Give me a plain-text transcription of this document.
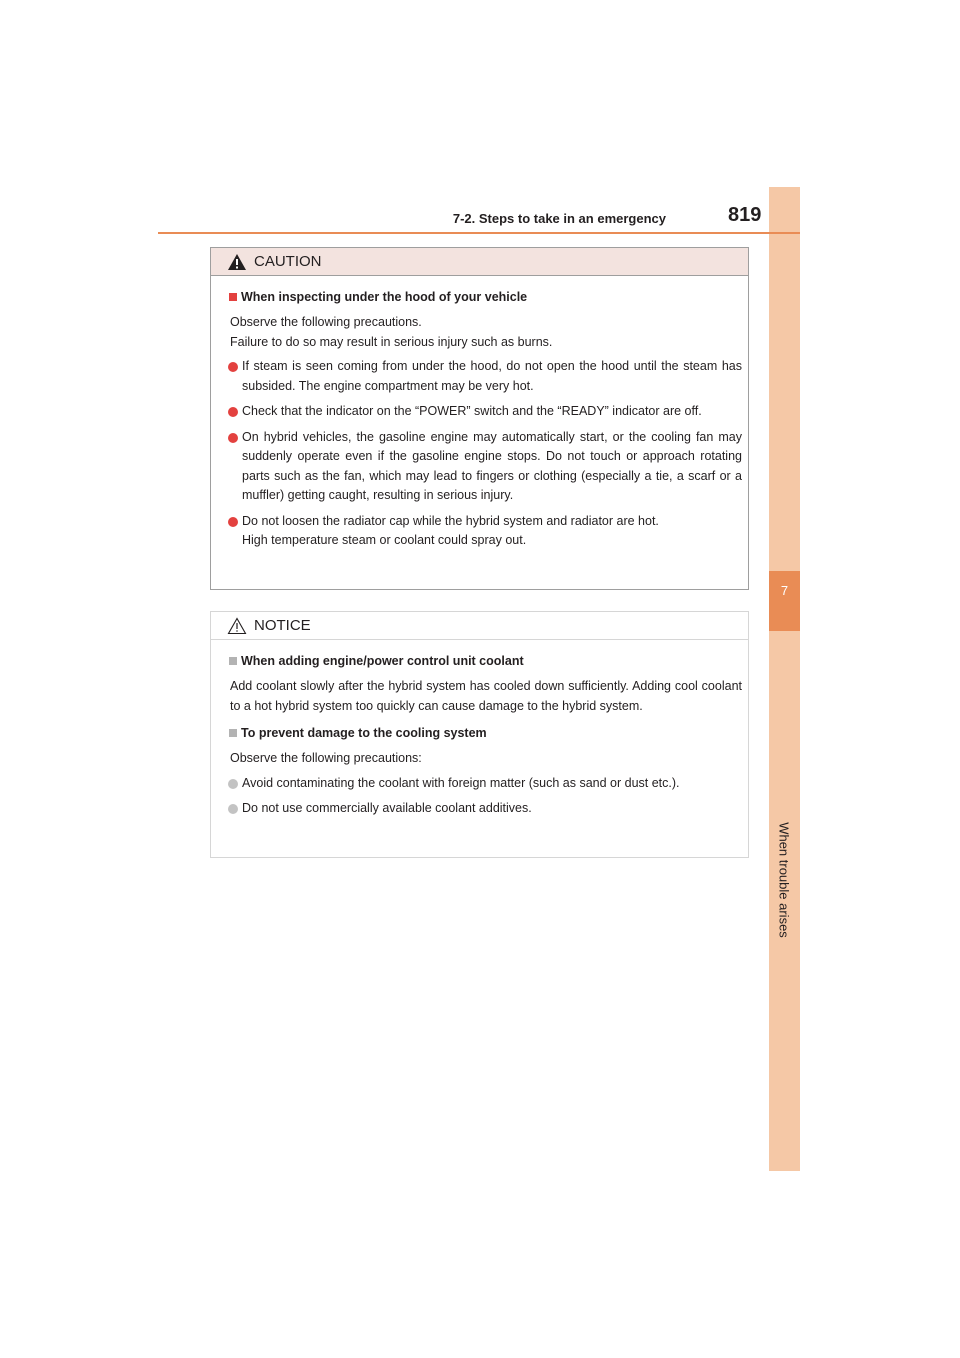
7
When trouble arises
7-2. Steps to take in an emergency	819
CAUTION
When inspecting under the hood of your vehicle

Observe the following precautions.

Failure to do so may result in serious injury such as burns.

If steam is seen coming from under the hood, do not open the hood until the steam has subsided. The engine compartment may be very hot.
Check that the indicator on the “POWER” switch and the “READY” indicator are off.
On hybrid vehicles, the gasoline engine may automatically start, or the cooling fan may suddenly operate even if the gasoline engine stops. Do not touch or approach rotating parts such as the fan, which may lead to fingers or clothing (especially a tie, a scarf or a muffler) getting caught, resulting in serious injury.
Do not loosen the radiator cap while the hybrid system and radiator are hot.
High temperature steam or coolant could spray out.
NOTICE
When adding engine/power control unit coolant

Add coolant slowly after the hybrid system has cooled down sufficiently. Adding cool coolant to a hot hybrid system too quickly can cause damage to the hybrid system.

To prevent damage to the cooling system

Observe the following precautions:

Avoid contaminating the coolant with foreign matter (such as sand or dust etc.).
Do not use commercially available coolant additives.
